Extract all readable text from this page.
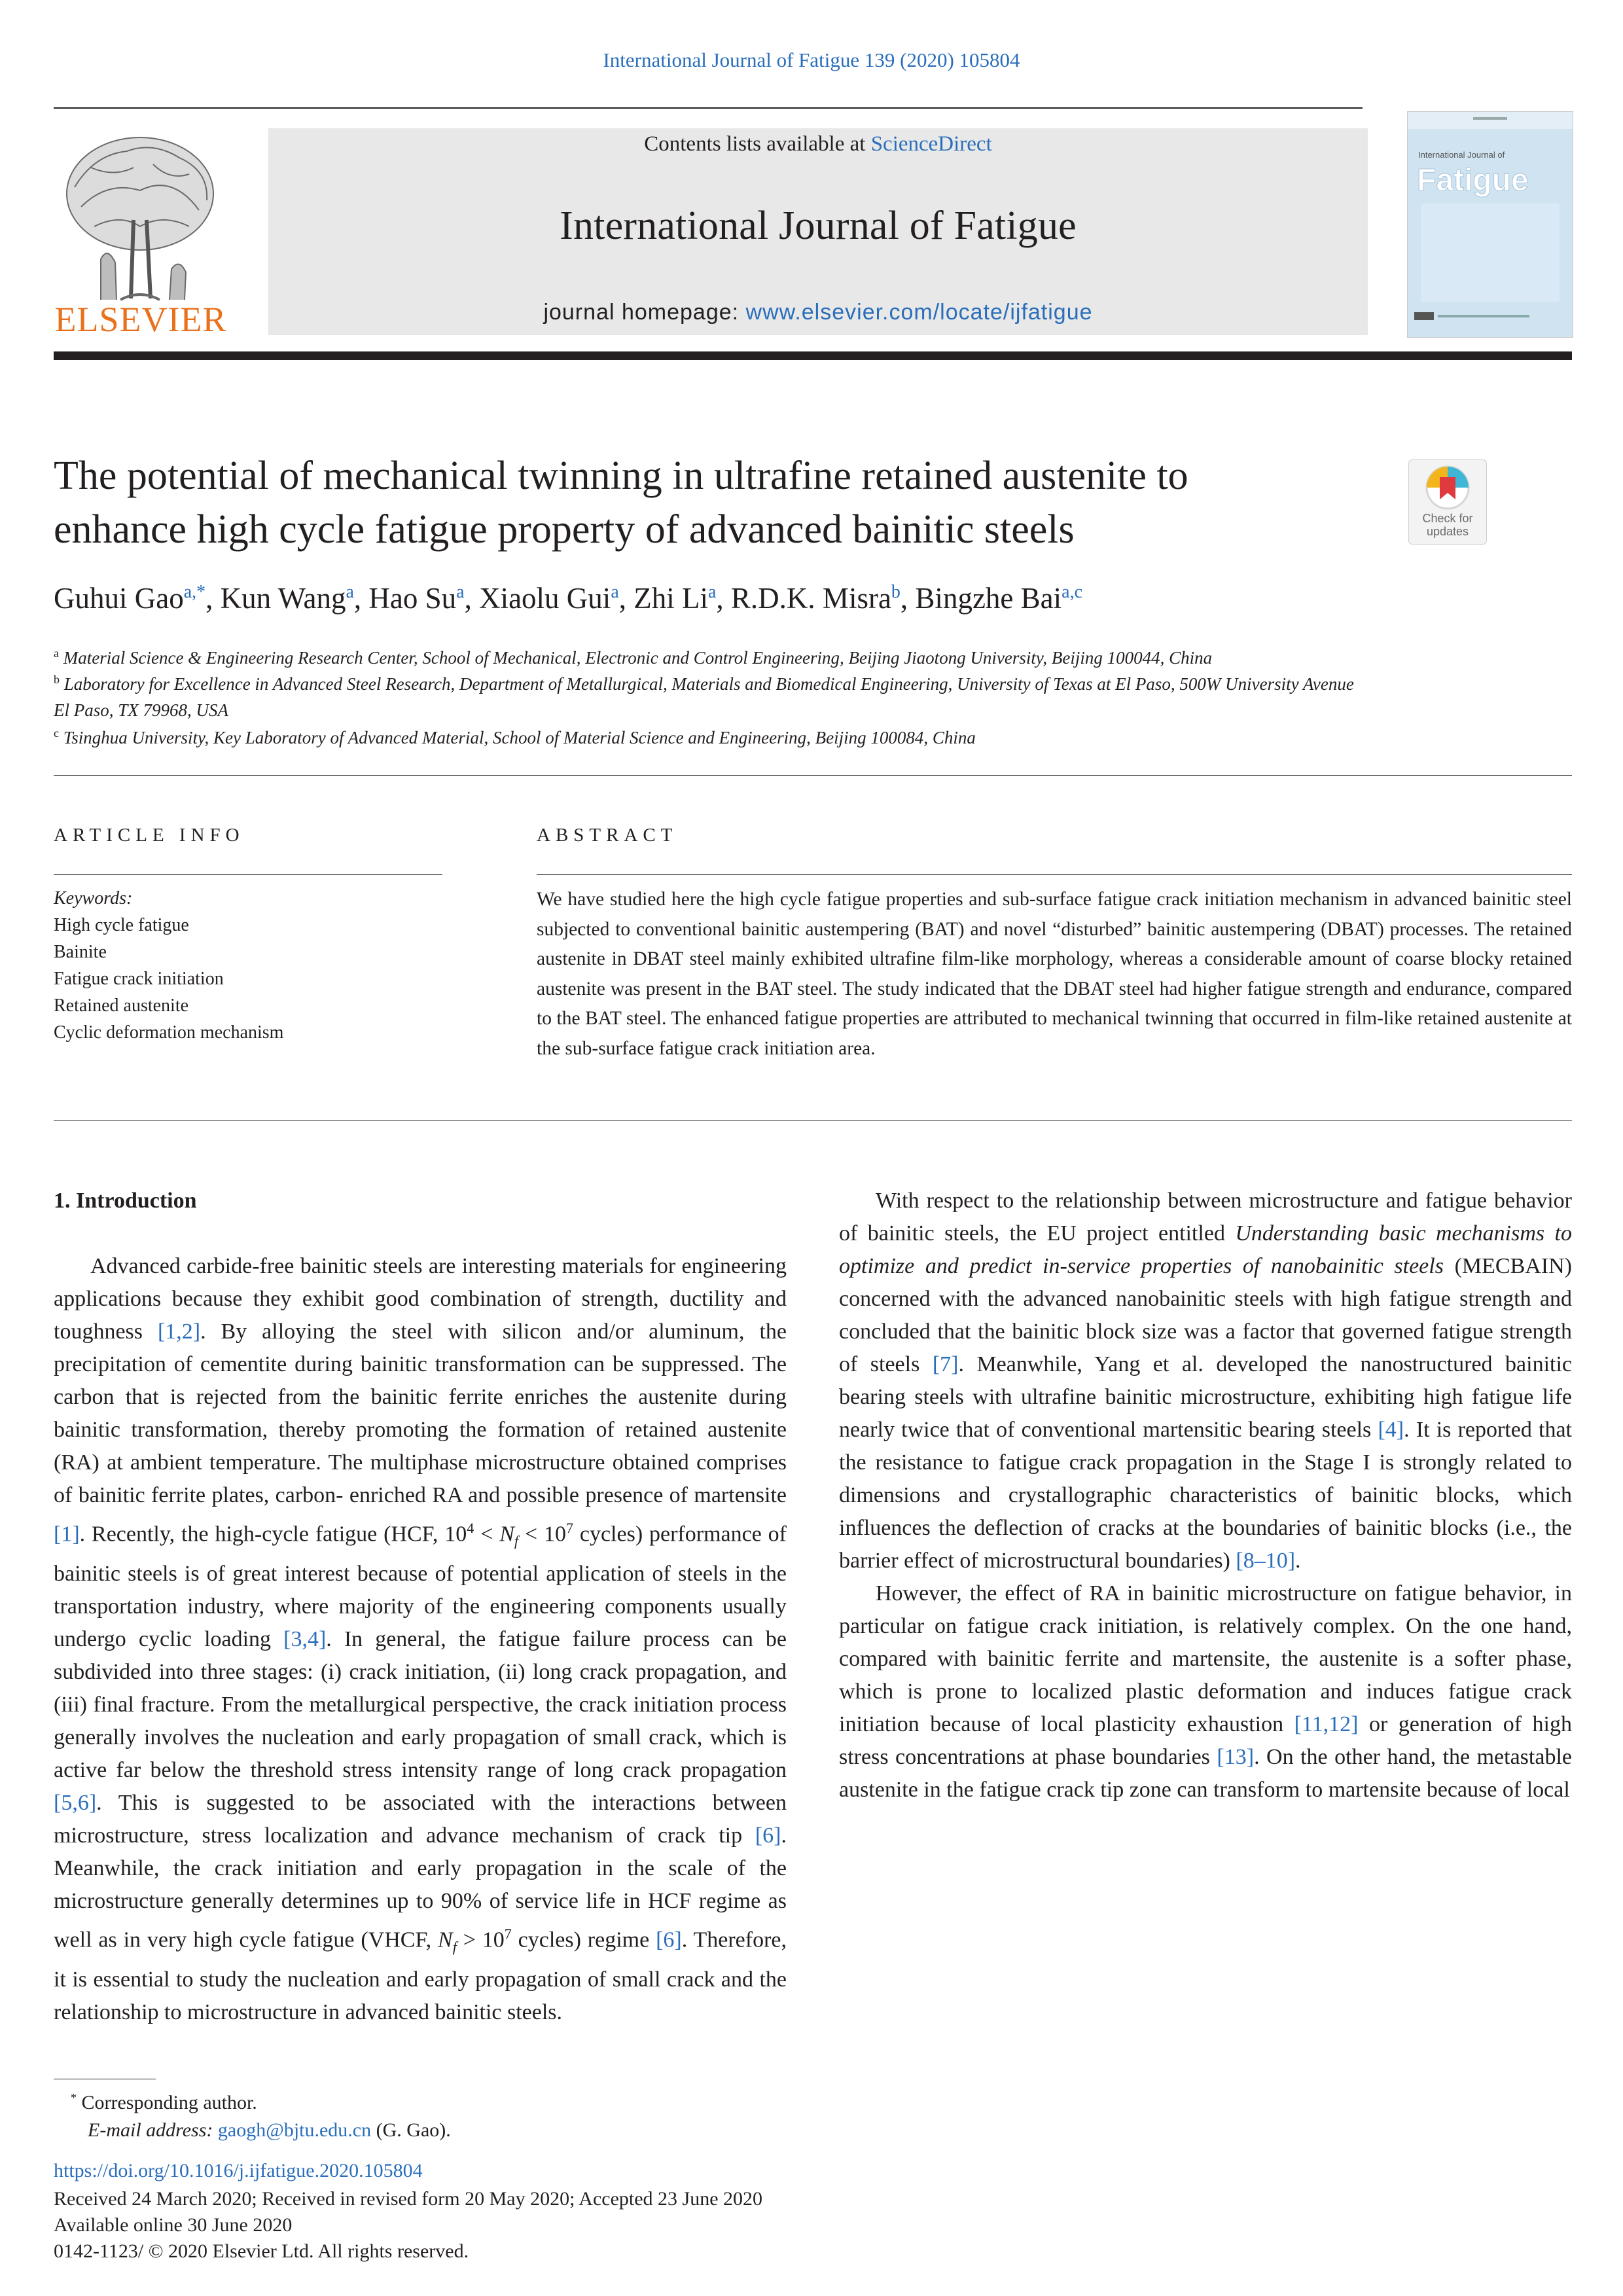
International Journal of Fatigue 139 (2020) 105804
ELSEVIER
Contents lists available at ScienceDirect
International Journal of Fatigue
journal homepage: www.elsevier.com/locate/ijfatigue
International Journal of
Fatigue
The potential of mechanical twinning in ultrafine retained austenite to
enhance high cycle fatigue property of advanced bainitic steels	Check for
updates
Guhui Gao$^{a,*}$, Kun Wang$^a$, Hao Su$^a$, Xiaolu Gui$^a$, Zhi Li$^a$, R.D.K. Misra$^b$, Bingzhe Bai$^{a,c}$
$^a$ Material Science & Engineering Research Center, School of Mechanical, Electronic and Control Engineering, Beijing Jiaotong University, Beijing 100044, China
$^b$ Laboratory for Excellence in Advanced Steel Research, Department of Metallurgical, Materials and Biomedical Engineering, University of Texas at El Paso, 500W University Avenue El Paso, TX 79968, USA
$^c$ Tsinghua University, Key Laboratory of Advanced Material, School of Material Science and Engineering, Beijing 100084, China
ARTICLE INFO
Keywords:
High cycle fatigue
Bainite
Fatigue crack initiation
Retained austenite
Cyclic deformation mechanism
ABSTRACT
We have studied here the high cycle fatigue properties and sub-surface fatigue crack initiation mechanism in advanced bainitic steel subjected to conventional bainitic austempering (BAT) and novel “disturbed” bainitic austempering (DBAT) processes. The retained austenite in DBAT steel mainly exhibited ultrafine film-like morphology, whereas a considerable amount of coarse blocky retained austenite was present in the BAT steel. The study indicated that the DBAT steel had higher fatigue strength and endurance, compared to the BAT steel. The enhanced fatigue properties are attributed to mechanical twinning that occurred in film-like retained austenite at the sub-surface fatigue crack initiation area.

1. Introduction

Advanced carbide-free bainitic steels are interesting materials for engineering applications because they exhibit good combination of strength, ductility and toughness [1,2]. By alloying the steel with silicon and/or aluminum, the precipitation of cementite during bainitic transformation can be suppressed. The carbon that is rejected from the bainitic ferrite enriches the austenite during bainitic transformation, thereby promoting the formation of retained austenite (RA) at ambient temperature. The multiphase microstructure obtained comprises of bainitic ferrite plates, carbon- enriched RA and possible presence of martensite [1]. Recently, the high-cycle fatigue (HCF, $10^4 < N_f < 10^7$ cycles) performance of bainitic steels is of great interest because of potential application of steels in the transportation industry, where majority of the engineering components usually undergo cyclic loading [3,4]. In general, the fatigue failure process can be subdivided into three stages: (i) crack initiation, (ii) long crack propagation, and (iii) final fracture. From the metallurgical perspective, the crack initiation process generally involves the nucleation and early propagation of small crack, which is active far below the threshold stress intensity range of long crack propagation [5,6]. This is suggested to be associated with the interactions between microstructure, stress localization and advance mechanism of crack tip [6]. Meanwhile, the crack initiation and early propagation in the scale of the microstructure generally determines up to 90% of service life in HCF regime as well as in very high cycle fatigue (VHCF, $N_f > 10^7$ cycles) regime [6]. Therefore, it is essential to study the nucleation and early propagation of small crack and the relationship to microstructure in advanced bainitic steels.

With respect to the relationship between microstructure and fatigue behavior of bainitic steels, the EU project entitled Understanding basic mechanisms to optimize and predict in-service properties of nanobainitic steels (MECBAIN) concerned with the advanced nanobainitic steels with high fatigue strength and concluded that the bainitic block size was a factor that governed fatigue strength of steels [7]. Meanwhile, Yang et al. developed the nanostructured bainitic bearing steels with ultrafine bainitic microstructure, exhibiting high fatigue life nearly twice that of conventional martensitic bearing steels [4]. It is reported that the resistance to fatigue crack propagation in the Stage I is strongly related to dimensions and crystallographic characteristics of bainitic blocks, which influences the deflection of cracks at the boundaries of bainitic blocks (i.e., the barrier effect of microstructural boundaries) [8–10].

However, the effect of RA in bainitic microstructure on fatigue behavior, in particular on fatigue crack initiation, is relatively complex. On the one hand, compared with bainitic ferrite and martensite, the austenite is a softer phase, which is prone to localized plastic deformation and induces fatigue crack initiation because of local plasticity exhaustion [11,12] or generation of high stress concentrations at phase boundaries [13]. On the other hand, the metastable austenite in the fatigue crack tip zone can transform to martensite because of local

* Corresponding author.
E-mail address: gaogh@bjtu.edu.cn (G. Gao).
https://doi.org/10.1016/j.ijfatigue.2020.105804
Received 24 March 2020; Received in revised form 20 May 2020; Accepted 23 June 2020
Available online 30 June 2020
0142-1123/ © 2020 Elsevier Ltd. All rights reserved.
